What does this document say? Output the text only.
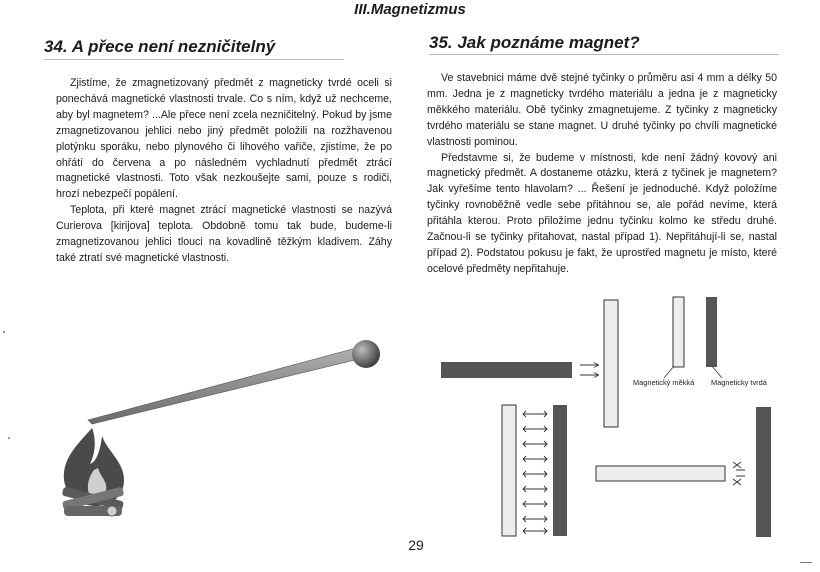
III.Magnetizmus
34. A přece není nezničitelný	35. Jak poznáme magnet?

Zjistíme, že zmagnetizovaný předmět z magneticky tvrdé oceli si ponechává magnetické vlastnosti trvale. Co s ním, když už nechceme, aby byl magnetem? ...Ale přece není zcela nezničitelný. Pokud by jsme zmagnetizovanou jehlici nebo jiný předmět položili na rozžhavenou plotýnku sporáku, nebo plynového či lihového vařiče, zjistíme, že po ohřátí do červena a po následném vychladnutí předmět ztrácí magnetické vlastnosti. Toto však nezkoušejte sami, pouze s rodiči, hrozí nebezpečí popálení.

Teplota, při které magnet ztrácí magnetické vlastnosti se nazývá Curierova [kirijova] teplota. Obdobně tomu tak bude, budeme-li zmagnetizovanou jehlici tlouci na kovadlině těžkým kladivem. Záhy také ztratí své magnetické vlastnosti.

Ve stavebnici máme dvě stejné tyčinky o průměru asi 4 mm a délky 50 mm. Jedna je z magneticky tvrdého materiálu a jedna je z magneticky měkkého materiálu. Obě tyčinky zmagnetujeme. Z tyčinky z magneticky tvrdého materiálu se stane magnet. U druhé tyčinky po chvíli magnetické vlastnosti pominou.

Představme si, že budeme v místnosti, kde není žádný kovový ani magnetický předmět. A dostaneme otázku, která z tyčinek je magnetem? Jak vyřešíme tento hlavolam? ... Řešení je jednoduché. Když položíme tyčinky rovnoběžně vedle sebe přitáhnou se, ale pořád nevíme, která přitáhla kterou. Proto přiložíme jednu tyčinku kolmo ke středu druhé. Začnou-li se tyčinky přitahovat, nastal případ 1). Nepřitáhují-li se, nastal případ 2). Podstatou pokusu je fakt, že uprostřed magnetu je místo, které ocelové předměty nepřitahuje.

Magnetický měkká Magneticky tvrdá
29
